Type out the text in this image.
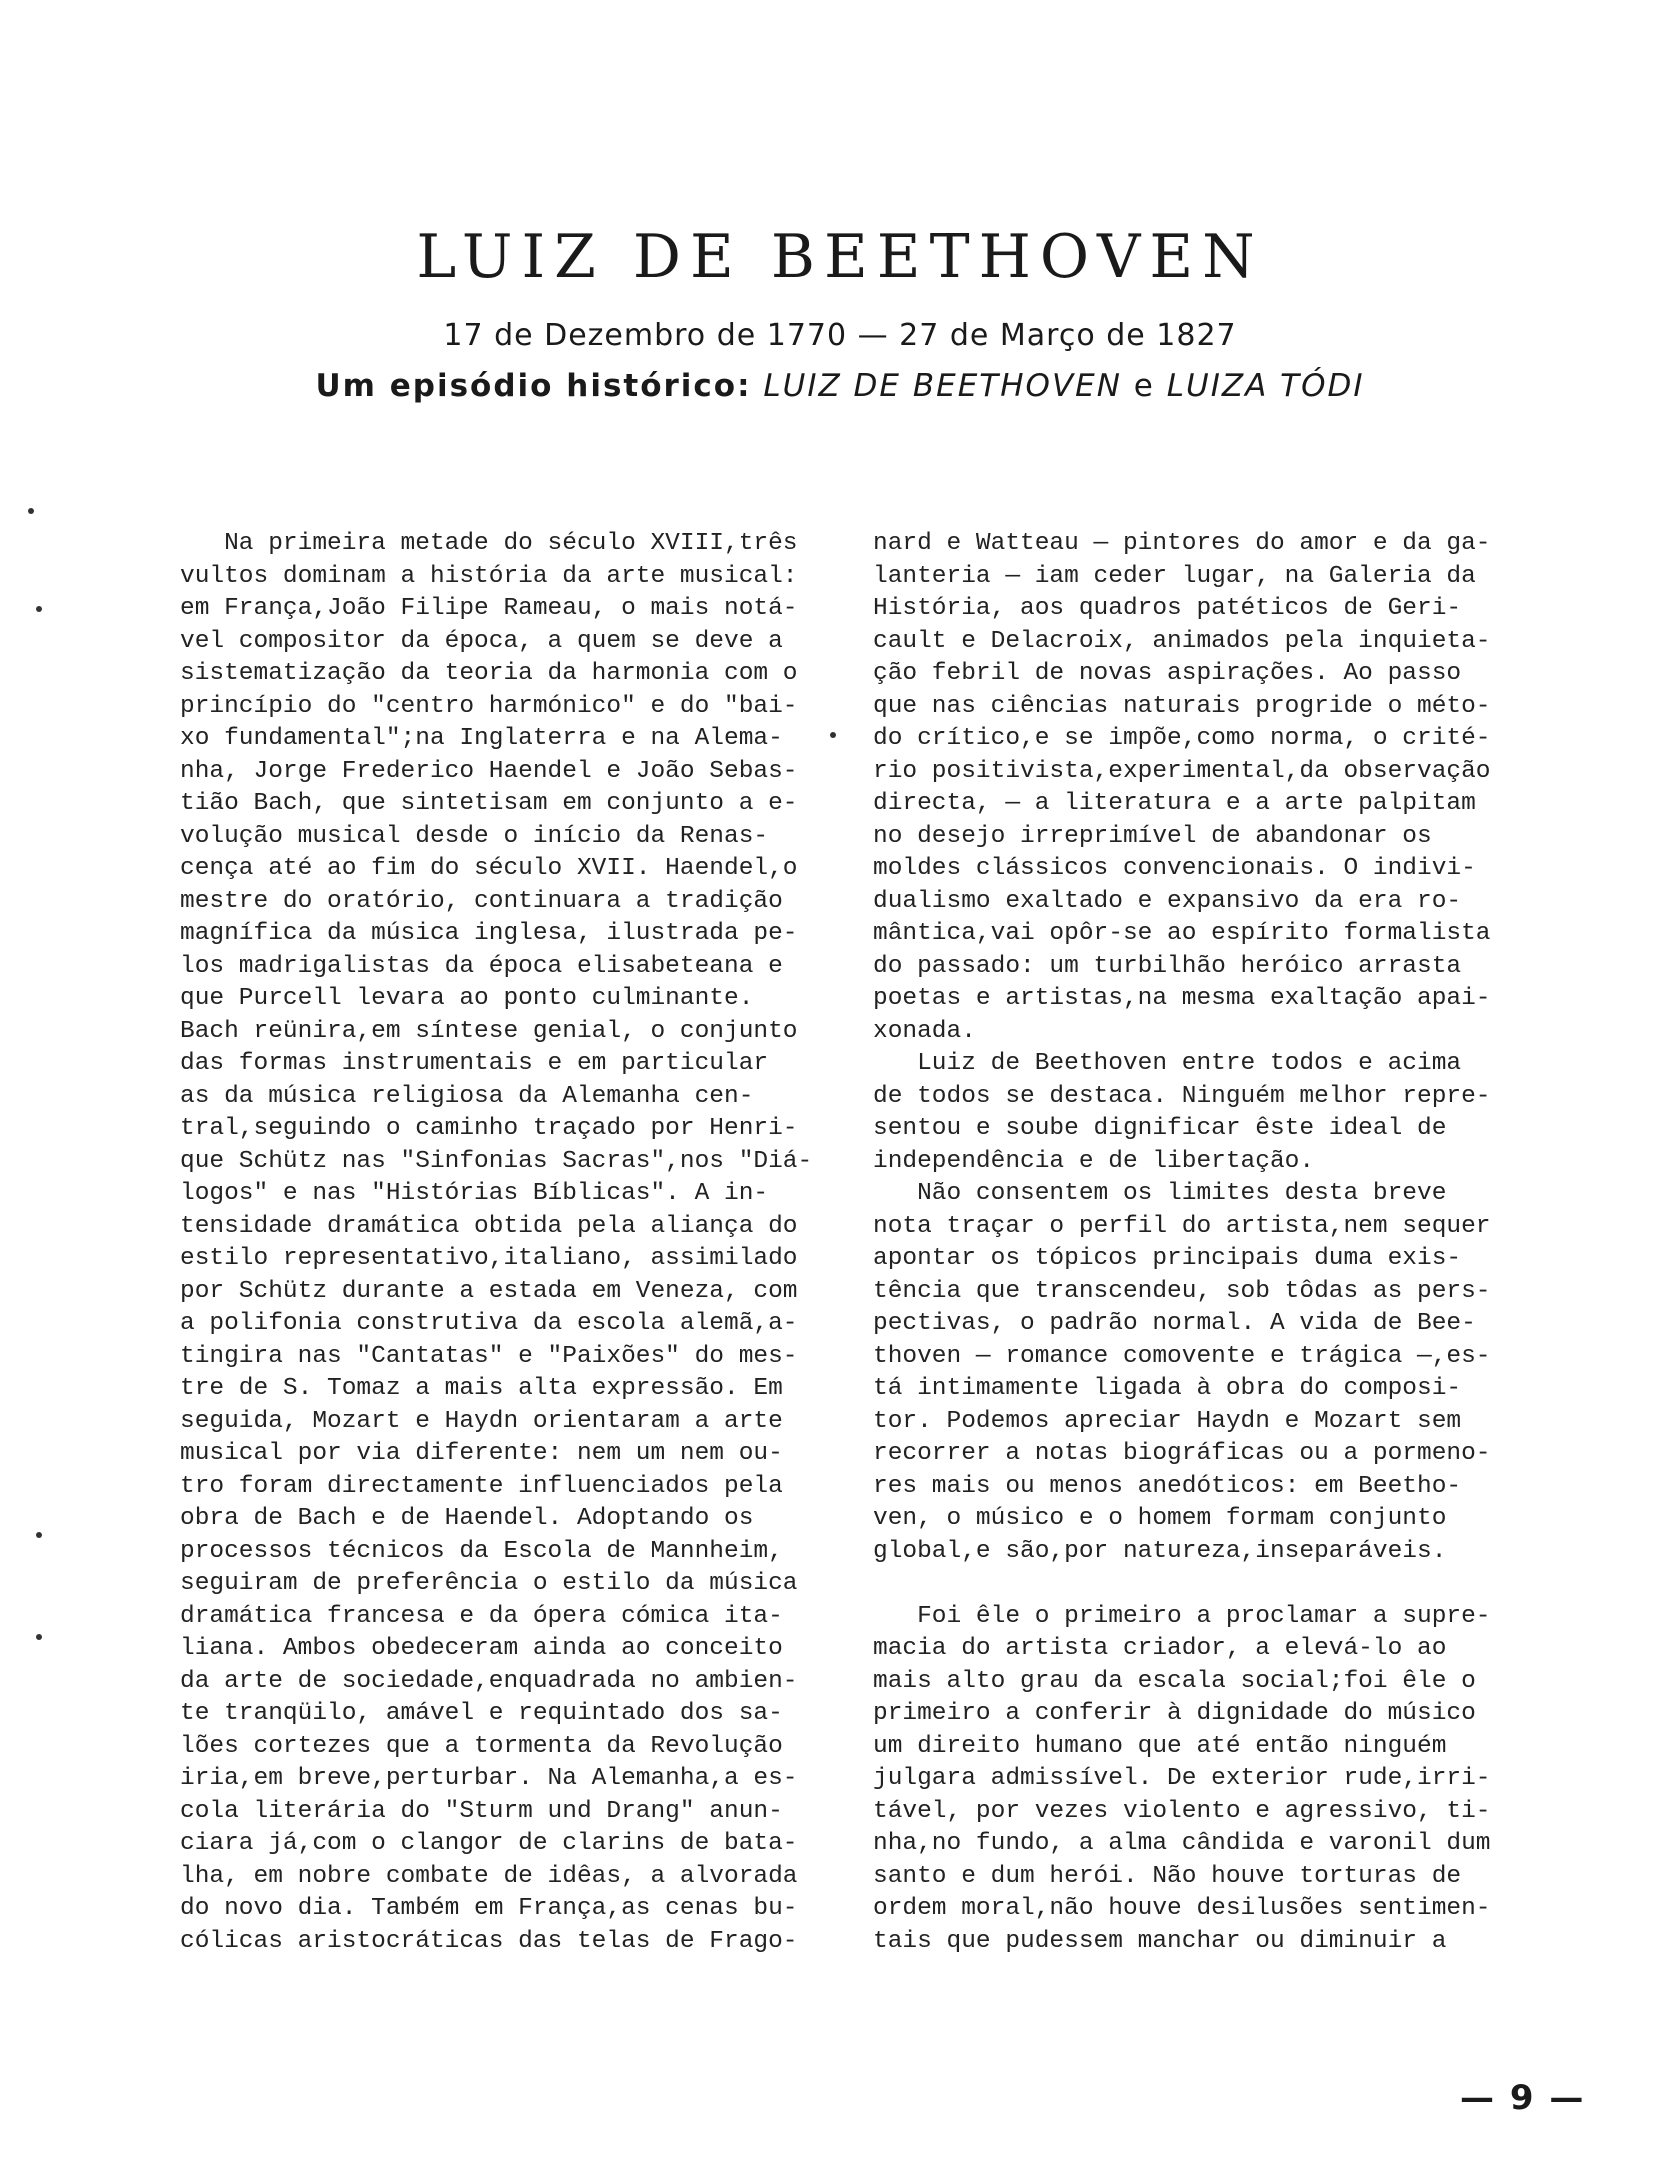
LUIZ DE BEETHOVEN
17 de Dezembro de 1770 — 27 de Março de 1827
Um episódio histórico: LUIZ DE BEETHOVEN e LUIZA TÓDI
Na primeira metade do século XVIII,três
vultos dominam a história da arte musical:
em França,João Filipe Rameau, o mais notá-
vel compositor da época, a quem se deve a
sistematização da teoria da harmonia com o
princípio do "centro harmónico" e do "bai-
xo fundamental";na Inglaterra e na Alema-
nha, Jorge Frederico Haendel e João Sebas-
tião Bach, que sintetisam em conjunto a e-
volução musical desde o início da Renas-
cença até ao fim do século XVII. Haendel,o
mestre do oratório, continuara a tradição
magnífica da música inglesa, ilustrada pe-
los madrigalistas da época elisabeteana e
que Purcell levara ao ponto culminante.
Bach reünira,em síntese genial, o conjunto
das formas instrumentais e em particular
as da música religiosa da Alemanha cen-
tral,seguindo o caminho traçado por Henri-
que Schütz nas "Sinfonias Sacras",nos "Diá-
logos" e nas "Histórias Bíblicas". A in-
tensidade dramática obtida pela aliança do
estilo representativo,italiano, assimilado
por Schütz durante a estada em Veneza, com
a polifonia construtiva da escola alemã,a-
tingira nas "Cantatas" e "Paixões" do mes-
tre de S. Tomaz a mais alta expressão. Em
seguida, Mozart e Haydn orientaram a arte
musical por via diferente: nem um nem ou-
tro foram directamente influenciados pela
obra de Bach e de Haendel. Adoptando os
processos técnicos da Escola de Mannheim,
seguiram de preferência o estilo da música
dramática francesa e da ópera cómica ita-
liana. Ambos obedeceram ainda ao conceito
da arte de sociedade,enquadrada no ambien-
te tranqüilo, amável e requintado dos sa-
lões cortezes que a tormenta da Revolução
iria,em breve,perturbar. Na Alemanha,a es-
cola literária do "Sturm und Drang" anun-
ciara já,com o clangor de clarins de bata-
lha, em nobre combate de idêas, a alvorada
do novo dia. Também em França,as cenas bu-
cólicas aristocráticas das telas de Frago-
nard e Watteau — pintores do amor e da ga-
lanteria — iam ceder lugar, na Galeria da
História, aos quadros patéticos de Geri-
cault e Delacroix, animados pela inquieta-
ção febril de novas aspirações. Ao passo
que nas ciências naturais progride o méto-
do crítico,e se impõe,como norma, o crité-
rio positivista,experimental,da observação
directa, — a literatura e a arte palpitam
no desejo irreprimível de abandonar os
moldes clássicos convencionais. O indivi-
dualismo exaltado e expansivo da era ro-
mântica,vai opôr-se ao espírito formalista
do passado: um turbilhão heróico arrasta
poetas e artistas,na mesma exaltação apai-
xonada.
Luiz de Beethoven entre todos e acima
de todos se destaca. Ninguém melhor repre-
sentou e soube dignificar êste ideal de
independência e de libertação.
Não consentem os limites desta breve
nota traçar o perfil do artista,nem sequer
apontar os tópicos principais duma exis-
tência que transcendeu, sob tôdas as pers-
pectivas, o padrão normal. A vida de Bee-
thoven — romance comovente e trágica —,es-
tá intimamente ligada à obra do composi-
tor. Podemos apreciar Haydn e Mozart sem
recorrer a notas biográficas ou a pormeno-
res mais ou menos anedóticos: em Beetho-
ven, o músico e o homem formam conjunto
global,e são,por natureza,inseparáveis.
Foi êle o primeiro a proclamar a supre-
macia do artista criador, a elevá-lo ao
mais alto grau da escala social;foi êle o
primeiro a conferir à dignidade do músico
um direito humano que até então ninguém
julgara admissível. De exterior rude,irri-
tável, por vezes violento e agressivo, ti-
nha,no fundo, a alma cândida e varonil dum
santo e dum herói. Não houve torturas de
ordem moral,não houve desilusões sentimen-
tais que pudessem manchar ou diminuir a
— 9 —
